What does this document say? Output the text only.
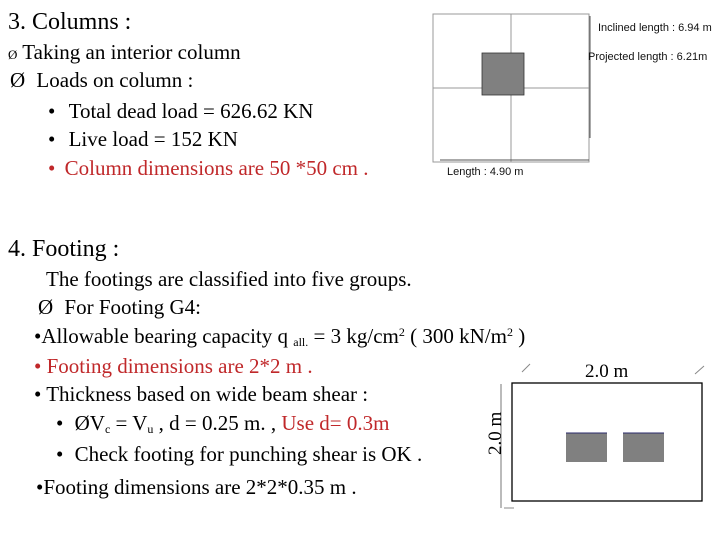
3. Columns :
Ø Taking an interior column
Ø Loads on column :
• Total dead load = 626.62 KN
• Live load = 152 KN
• Column dimensions are 50 *50 cm .
Inclined length : 6.94 m
Projected length : 6.21m
Length : 4.90 m
4. Footing :
The footings are classified into five groups.
Ø For Footing G4:
•Allowable bearing capacity q $_{all.}$ = 3 $kg/cm^2$ ( 300 $kN/m^2$ )
• Footing dimensions are 2*2 m .
• Thickness based on wide beam shear :
• $ØV_c = V_u$ , d = 0.25 m. , Use d= 0.3m
• Check footing for punching shear is OK .
•Footing dimensions are 2*2*0.35 m .
2.0 m
2.0 m
